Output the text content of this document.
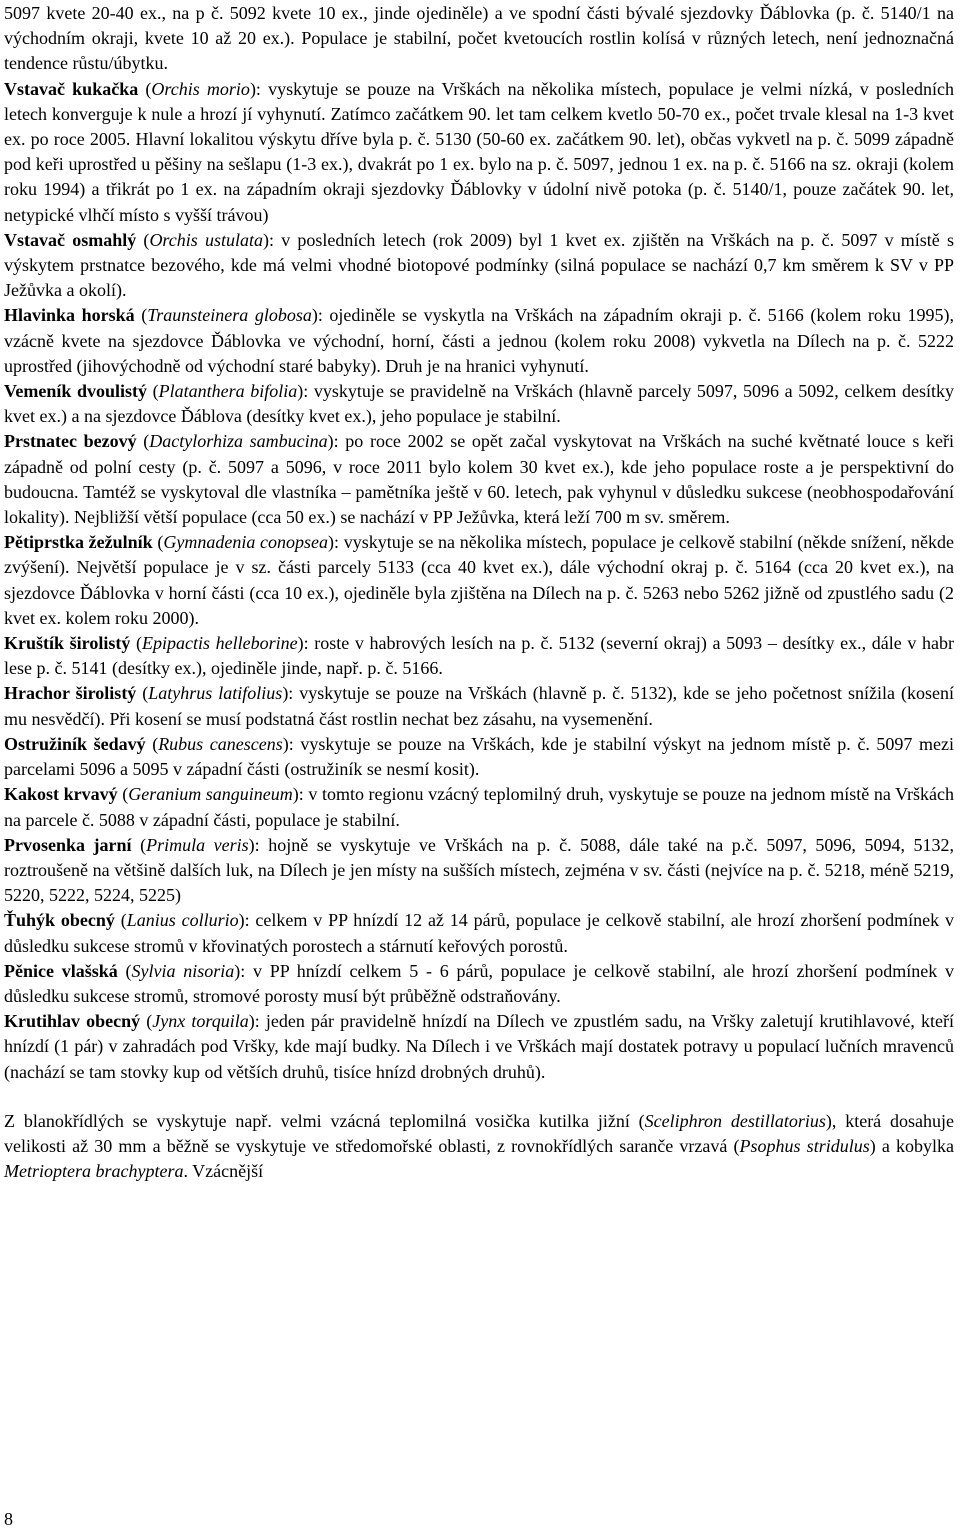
5097 kvete 20-40 ex., na p č. 5092 kvete 10 ex., jinde ojediněle) a ve spodní části bývalé sjezdovky Ďáblovka (p. č. 5140/1 na východním okraji, kvete 10 až 20 ex.). Populace je stabilní, počet kvetoucích rostlin kolísá v různých letech, není jednoznačná tendence růstu/úbytku.

Vstavač kukačka (Orchis morio): vyskytuje se pouze na Vrškách na několika místech, populace je velmi nízká, v posledních letech konverguje k nule a hrozí jí vyhynutí. Zatímco začátkem 90. let tam celkem kvetlo 50-70 ex., počet trvale klesal na 1-3 kvet ex. po roce 2005. Hlavní lokalitou výskytu dříve byla p. č. 5130 (50-60 ex. začátkem 90. let), občas vykvetl na p. č. 5099 západně pod keři uprostřed u pěšiny na sešlapu (1-3 ex.), dvakrát po 1 ex. bylo na p. č. 5097, jednou 1 ex. na p. č. 5166 na sz. okraji (kolem roku 1994) a třikrát po 1 ex. na západním okraji sjezdovky Ďáblovky v údolní nivě potoka (p. č. 5140/1, pouze začátek 90. let, netypické vlhčí místo s vyšší trávou)

Vstavač osmahlý (Orchis ustulata): v posledních letech (rok 2009) byl 1 kvet ex. zjištěn na Vrškách na p. č. 5097 v místě s výskytem prstnatce bezového, kde má velmi vhodné biotopové podmínky (silná populace se nachází 0,7 km směrem k SV v PP Ježůvka a okolí).

Hlavinka horská (Traunsteinera globosa): ojediněle se vyskytla na Vrškách na západním okraji p. č. 5166 (kolem roku 1995), vzácně kvete na sjezdovce Ďáblovka ve východní, horní, části a jednou (kolem roku 2008) vykvetla na Dílech na p. č. 5222 uprostřed (jihovýchodně od východní staré babyky). Druh je na hranici vyhynutí.

Vemeník dvoulistý (Platanthera bifolia): vyskytuje se pravidelně na Vrškách (hlavně parcely 5097, 5096 a 5092, celkem desítky kvet ex.) a na sjezdovce Ďáblova (desítky kvet ex.), jeho populace je stabilní.

Prstnatec bezový (Dactylorhiza sambucina): po roce 2002 se opět začal vyskytovat na Vrškách na suché květnaté louce s keři západně od polní cesty (p. č. 5097 a 5096, v roce 2011 bylo kolem 30 kvet ex.), kde jeho populace roste a je perspektivní do budoucna. Tamtéž se vyskytoval dle vlastníka – pamětníka ještě v 60. letech, pak vyhynul v důsledku sukcese (neobhospodařování lokality). Nejbližší větší populace (cca 50 ex.) se nachází v PP Ježůvka, která leží 700 m sv. směrem.

Pětiprstka žežulník (Gymnadenia conopsea): vyskytuje se na několika místech, populace je celkově stabilní (někde snížení, někde zvýšení). Největší populace je v sz. části parcely 5133 (cca 40 kvet ex.), dále východní okraj p. č. 5164 (cca 20 kvet ex.), na sjezdovce Ďáblovka v horní části (cca 10 ex.), ojediněle byla zjištěna na Dílech na p. č. 5263 nebo 5262 jižně od zpustlého sadu (2 kvet ex. kolem roku 2000).

Kruštík širolistý (Epipactis helleborine): roste v habrových lesích na p. č. 5132 (severní okraj) a 5093 – desítky ex., dále v habr lese p. č. 5141 (desítky ex.), ojediněle jinde, např. p. č. 5166.

Hrachor širolistý (Latyhrus latifolius): vyskytuje se pouze na Vrškách (hlavně p. č. 5132), kde se jeho početnost snížila (kosení mu nesvědčí). Při kosení se musí podstatná část rostlin nechat bez zásahu, na vysemenění.

Ostružiník šedavý (Rubus canescens): vyskytuje se pouze na Vrškách, kde je stabilní výskyt na jednom místě p. č. 5097 mezi parcelami 5096 a 5095 v západní části (ostružiník se nesmí kosit).

Kakost krvavý (Geranium sanguineum): v tomto regionu vzácný teplomilný druh, vyskytuje se pouze na jednom místě na Vrškách na parcele č. 5088 v západní části, populace je stabilní.

Prvosenka jarní (Primula veris): hojně se vyskytuje ve Vrškách na p. č. 5088, dále také na p.č. 5097, 5096, 5094, 5132, roztroušeně na většině dalších luk, na Dílech je jen místy na sušších místech, zejména v sv. části (nejvíce na p. č. 5218, méně 5219, 5220, 5222, 5224, 5225)

Ťuhýk obecný (Lanius collurio): celkem v PP hnízdí 12 až 14 párů, populace je celkově stabilní, ale hrozí zhoršení podmínek v důsledku sukcese stromů v křovinatých porostech a stárnutí keřových porostů.

Pěnice vlašská (Sylvia nisoria): v PP hnízdí celkem 5 - 6 párů, populace je celkově stabilní, ale hrozí zhoršení podmínek v důsledku sukcese stromů, stromové porosty musí být průběžně odstraňovány.

Krutihlav obecný (Jynx torquila): jeden pár pravidelně hnízdí na Dílech ve zpustlém sadu, na Vršky zaletují krutihlavové, kteří hnízdí (1 pár) v zahradách pod Vršky, kde mají budky. Na Dílech i ve Vrškách mají dostatek potravy u populací lučních mravenců (nachází se tam stovky kup od větších druhů, tisíce hnízd drobných druhů).

Z blanokřídlých se vyskytuje např. velmi vzácná teplomilná vosička kutilka jižní (Sceliphron destillatorius), která dosahuje velikosti až 30 mm a běžně se vyskytuje ve středomořské oblasti, z rovnokřídlých saranče vrzavá (Psophus stridulus) a kobylka Metrioptera brachyptera. Vzácnější

8
